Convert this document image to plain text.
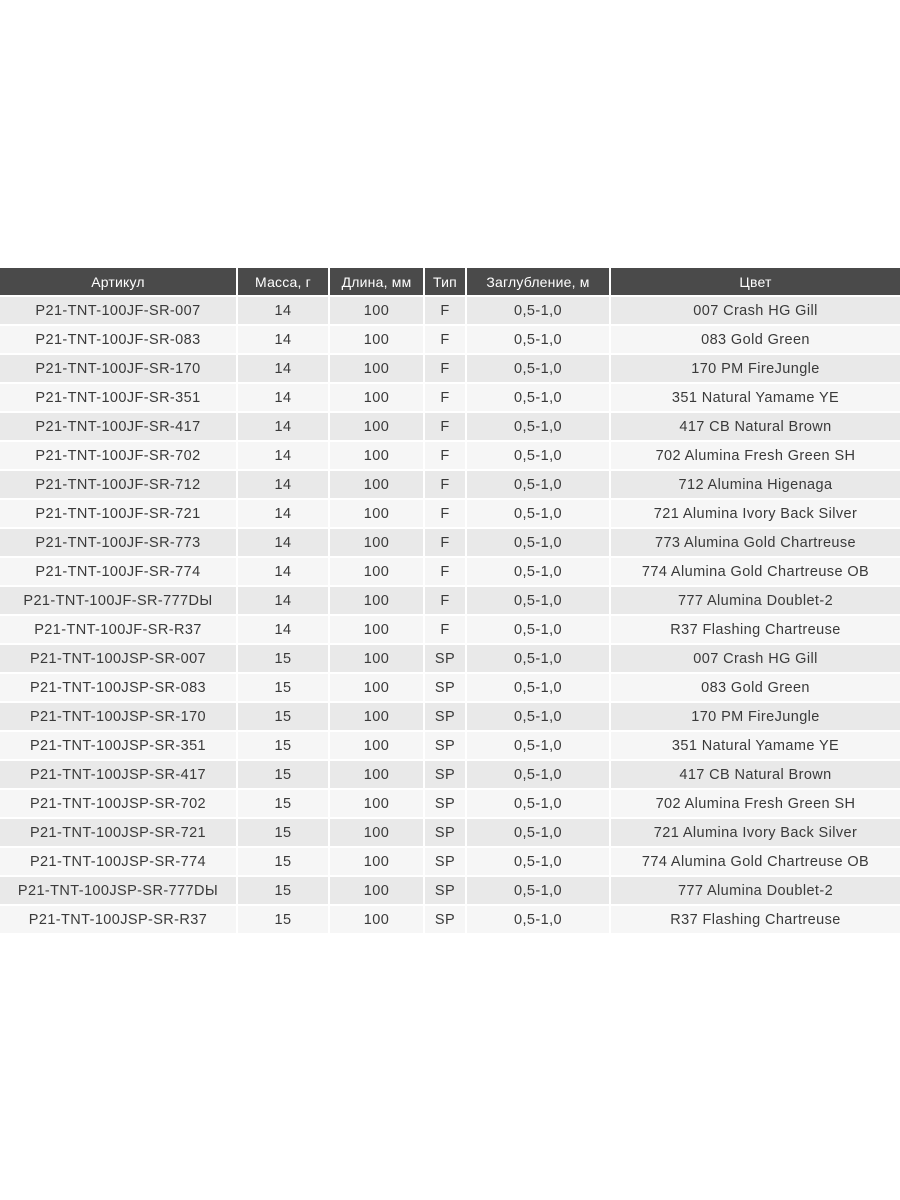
Артикул	Масса, г	Длина, мм	Тип	Заглубление, м	Цвет
P21-TNT-100JF-SR-007	14	100	F	0,5-1,0	007 Crash HG Gill
P21-TNT-100JF-SR-083	14	100	F	0,5-1,0	083 Gold Green
P21-TNT-100JF-SR-170	14	100	F	0,5-1,0	170 PM FireJungle
P21-TNT-100JF-SR-351	14	100	F	0,5-1,0	351 Natural Yamame YE
P21-TNT-100JF-SR-417	14	100	F	0,5-1,0	417 CB Natural Brown
P21-TNT-100JF-SR-702	14	100	F	0,5-1,0	702 Alumina Fresh Green SH
P21-TNT-100JF-SR-712	14	100	F	0,5-1,0	712 Alumina Higenaga
P21-TNT-100JF-SR-721	14	100	F	0,5-1,0	721 Alumina Ivory Back Silver
P21-TNT-100JF-SR-773	14	100	F	0,5-1,0	773 Alumina Gold Chartreuse
P21-TNT-100JF-SR-774	14	100	F	0,5-1,0	774 Alumina Gold Chartreuse OB
P21-TNT-100JF-SR-777DЫ	14	100	F	0,5-1,0	777 Alumina Doublet-2
P21-TNT-100JF-SR-R37	14	100	F	0,5-1,0	R37 Flashing Chartreuse
P21-TNT-100JSP-SR-007	15	100	SP	0,5-1,0	007 Crash HG Gill
P21-TNT-100JSP-SR-083	15	100	SP	0,5-1,0	083 Gold Green
P21-TNT-100JSP-SR-170	15	100	SP	0,5-1,0	170 PM FireJungle
P21-TNT-100JSP-SR-351	15	100	SP	0,5-1,0	351 Natural Yamame YE
P21-TNT-100JSP-SR-417	15	100	SP	0,5-1,0	417 CB Natural Brown
P21-TNT-100JSP-SR-702	15	100	SP	0,5-1,0	702 Alumina Fresh Green SH
P21-TNT-100JSP-SR-721	15	100	SP	0,5-1,0	721 Alumina Ivory Back Silver
P21-TNT-100JSP-SR-774	15	100	SP	0,5-1,0	774 Alumina Gold Chartreuse OB
P21-TNT-100JSP-SR-777DЫ	15	100	SP	0,5-1,0	777 Alumina Doublet-2
P21-TNT-100JSP-SR-R37	15	100	SP	0,5-1,0	R37 Flashing Chartreuse
